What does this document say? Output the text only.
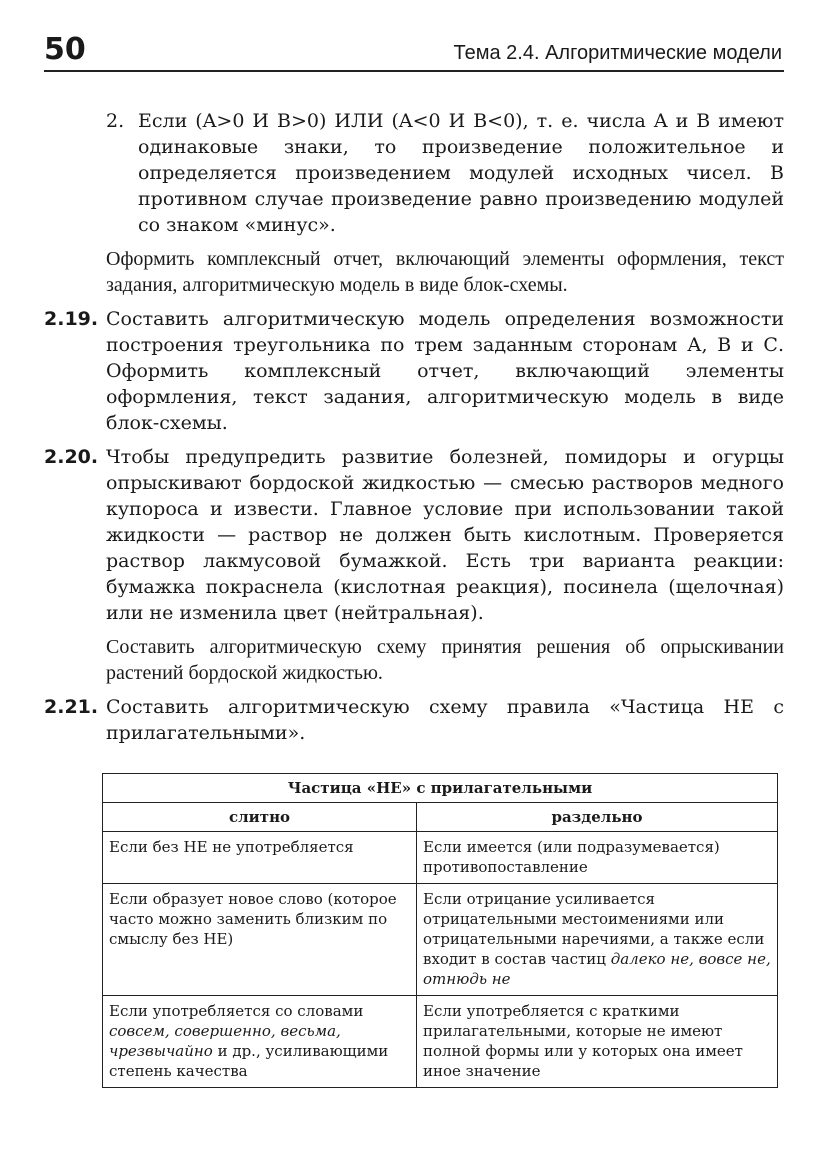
50	Тема 2.4. Алгоритмические модели
2. Если (A>0 И B>0) ИЛИ (A<0 И B<0), т. е. числа A и B имеют одинаковые знаки, то произведение положительное и определяется произведением модулей исходных чисел. В противном случае произведение равно произведению модулей со знаком «минус».
Оформить комплексный отчет, включающий элементы оформления, текст задания, алгоритмическую модель в виде блок-схемы.
2.19. Составить алгоритмическую модель определения возможности построения треугольника по трем заданным сторонам А, В и С. Оформить комплексный отчет, включающий элементы оформления, текст задания, алгоритмическую модель в виде блок-схемы.
2.20. Чтобы предупредить развитие болезней, помидоры и огурцы опрыскивают бордоской жидкостью — смесью растворов медного купороса и извести. Главное условие при использовании такой жидкости — раствор не должен быть кислотным. Проверяется раствор лакмусовой бумажкой. Есть три варианта реакции: бумажка покраснела (кислотная реакция), посинела (щелочная) или не изменила цвет (нейтральная).
Составить алгоритмическую схему принятия решения об опрыскивании растений бордоской жидкостью.
2.21. Составить алгоритмическую схему правила «Частица НЕ с прилагательными».
Частица «НЕ» с прилагательными	
слитно	раздельно
Если без НЕ не употребляется	Если имеется (или подразумевается) противопоставление
Если образует новое слово (которое часто можно заменить близким по смыслу без НЕ)	Если отрицание усиливается отрицательными местоимениями или отрицательными наречиями, а также если входит в состав частиц далеко не, вовсе не, отнюдь не
Если употребляется со словами совсем, совершенно, весьма, чрезвычайно и др., усиливающими степень качества	Если употребляется с краткими прилагательными, которые не имеют полной формы или у которых она имеет иное значение
